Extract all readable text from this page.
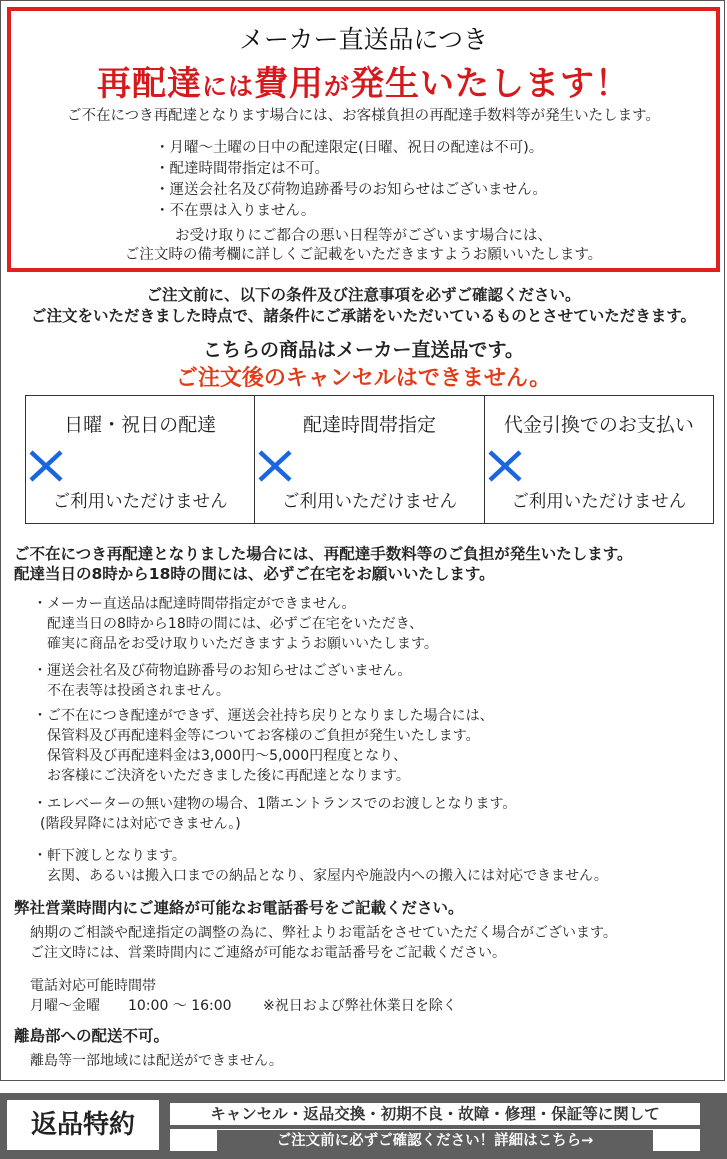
メーカー直送品につき
再配達には費用が発生いたします！
ご不在につき再配達となります場合には、お客様負担の再配達手数料等が発生いたします。
・月曜～土曜の日中の配達限定(日曜、祝日の配達は不可)。
・配達時間帯指定は不可。
・運送会社名及び荷物追跡番号のお知らせはございません。
・不在票は入りません。
お受け取りにご都合の悪い日程等がございます場合には、
ご注文時の備考欄に詳しくご記載をいただきますようお願いいたします。
ご注文前に、以下の条件及び注意事項を必ずご確認ください。
ご注文をいただきました時点で、諸条件にご承諾をいただいているものとさせていただきます。
こちらの商品はメーカー直送品です。
ご注文後のキャンセルはできません。
日曜・祝日の配達
ご利用いただけません
配達時間帯指定
ご利用いただけません
代金引換でのお支払い
ご利用いただけません
ご不在につき再配達となりました場合には、再配達手数料等のご負担が発生いたします。
配達当日の8時から18時の間には、必ずご在宅をお願いいたします。
・メーカー直送品は配達時間帯指定ができません。
配達当日の8時から18時の間には、必ずご在宅をいただき、
確実に商品をお受け取りいただきますようお願いいたします。
・運送会社名及び荷物追跡番号のお知らせはございません。
不在表等は投函されません。
・ご不在につき配達ができず、運送会社持ち戻りとなりました場合には、
保管料及び再配達料金等についてお客様のご負担が発生いたします。
保管料及び再配達料金は3,000円～5,000円程度となり、
お客様にご決済をいただきました後に再配達となります。
・エレベーターの無い建物の場合、1階エントランスでのお渡しとなります。
(階段昇降には対応できません。)
・軒下渡しとなります。
玄関、あるいは搬入口までの納品となり、家屋内や施設内への搬入には対応できません。
弊社営業時間内にご連絡が可能なお電話番号をご記載ください。
納期のご相談や配達指定の調整の為に、弊社よりお電話をさせていただく場合がございます。
ご注文時には、営業時間内にご連絡が可能なお電話番号をご記載ください。
電話対応可能時間帯
月曜～金曜 10:00 ～ 16:00 ※祝日および弊社休業日を除く
離島部への配送不可。
離島等一部地域には配送ができません。
返品特約	キャンセル・返品交換・初期不良・故障・修理・保証等に関して
ご注文前に必ずご確認ください！詳細はこちら→
